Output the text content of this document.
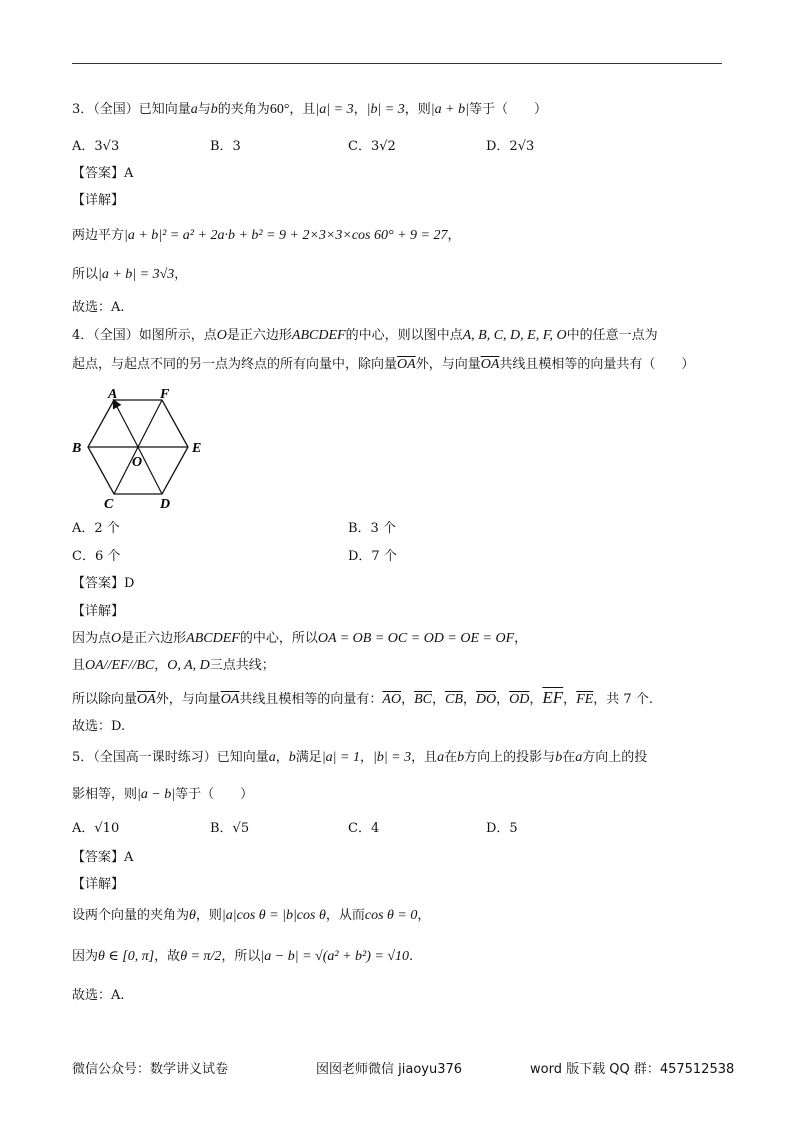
3．（全国）已知向量a与b的夹角为60°，且|a| = 3，|b| = 3，则|a + b|等于（　　）
A．3√3	B．3	C．3√2	D．2√3
【答案】A
【详解】
两边平方|a + b|² = a² + 2a·b + b² = 9 + 2×3×3×cos 60° + 9 = 27，
所以|a + b| = 3√3，
故选：A.
4．（全国）如图所示，点O是正六边形ABCDEF的中心，则以图中点A, B, C, D, E, F, O中的任意一点为
起点，与起点不同的另一点为终点的所有向量中，除向量$\overline{OA}$外，与向量$\overline{OA}$共线且模相等的向量共有（　　）
A	F
B	E
O
C	D
A．2 个	B．3 个
C．6 个	D．7 个
【答案】D
【详解】
因为点O是正六边形ABCDEF的中心，所以OA = OB = OC = OD = OE = OF，
且OA//EF//BC，O, A, D三点共线；
所以除向量$\overline{OA}$外，与向量$\overline{OA}$共线且模相等的向量有：$\overline{AO}$，$\overline{BC}$，$\overline{CB}$，$\overline{DO}$，$\overline{OD}$，$\overline{EF}$，$\overline{FE}$，共 7 个.
故选：D.
5．（全国高一课时练习）已知向量a，b满足|a| = 1，|b| = 3，且a在b方向上的投影与b在a方向上的投
影相等，则|a − b|等于（　　）
A．√10	B．√5	C．4	D．5
【答案】A
【详解】
设两个向量的夹角为θ，则|a|cos θ = |b|cos θ，从而cos θ = 0，
因为θ ∈ [0, π]，故θ = π/2，所以|a − b| = √(a² + b²) = √10.
故选：A.
微信公众号：数学讲义试卷	囡囡老师微信 jiaoyu376	word 版下载 QQ 群：457512538
